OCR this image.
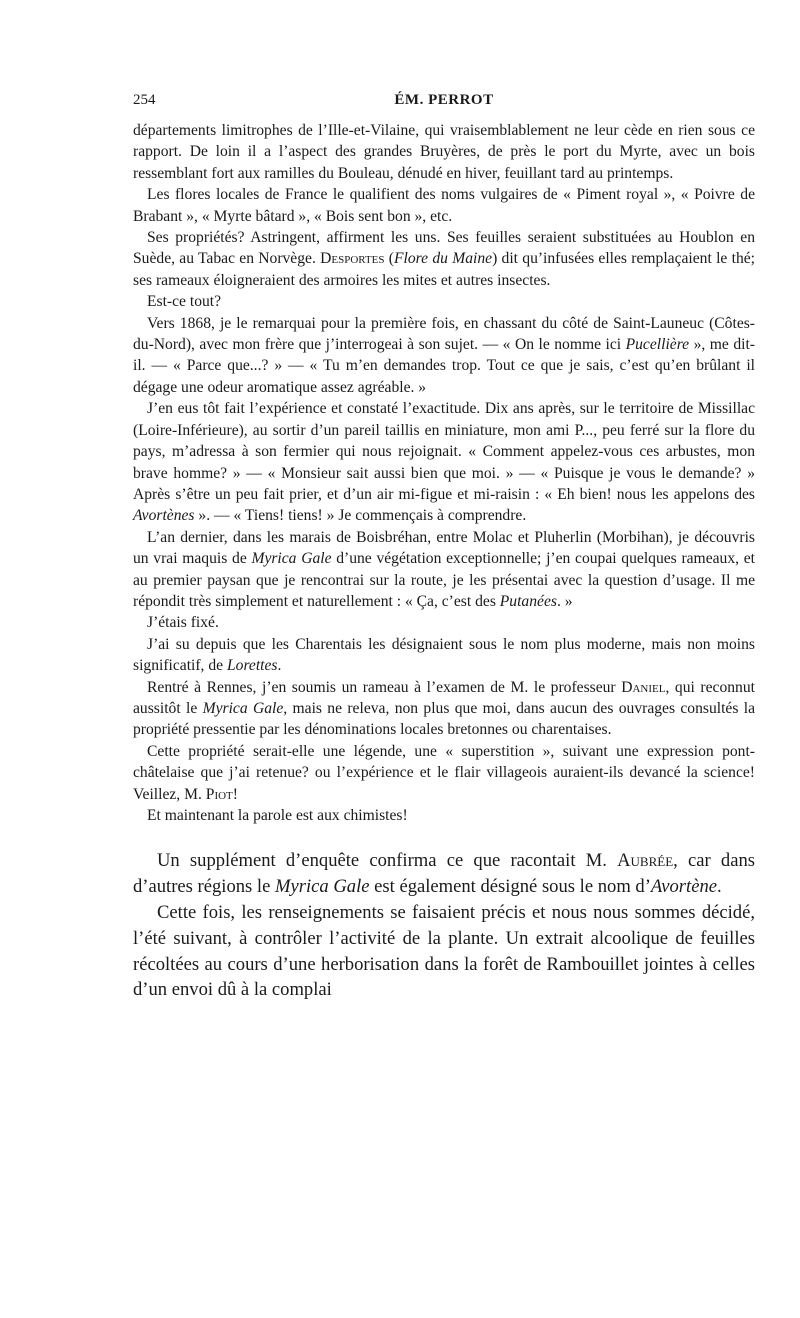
254	ÉM. PERROT

départements limitrophes de l’Ille-et-Vilaine, qui vraisemblablement ne leur cède en rien sous ce rapport. De loin il a l’aspect des grandes Bruyères, de près le port du Myrte, avec un bois ressemblant fort aux ramilles du Bouleau, dénudé en hiver, feuillant tard au printemps.

Les flores locales de France le qualifient des noms vulgaires de « Piment royal », « Poivre de Brabant », « Myrte bâtard », « Bois sent bon », etc.

Ses propriétés? Astringent, affirment les uns. Ses feuilles seraient substituées au Houblon en Suède, au Tabac en Norvège. Desportes (Flore du Maine) dit qu’infusées elles remplaçaient le thé; ses rameaux éloigneraient des armoires les mites et autres insectes.

Est-ce tout?

Vers 1868, je le remarquai pour la première fois, en chassant du côté de Saint-Launeuc (Côtes-du-Nord), avec mon frère que j’interrogeai à son sujet. — « On le nomme ici Pucellière », me dit-il. — « Parce que...? » — « Tu m’en demandes trop. Tout ce que je sais, c’est qu’en brûlant il dégage une odeur aromatique assez agréable. »

J’en eus tôt fait l’expérience et constaté l’exactitude. Dix ans après, sur le territoire de Missillac (Loire-Inférieure), au sortir d’un pareil taillis en miniature, mon ami P..., peu ferré sur la flore du pays, m’adressa à son fermier qui nous rejoignait. « Comment appelez-vous ces arbustes, mon brave homme? » — « Monsieur sait aussi bien que moi. » — « Puisque je vous le demande? » Après s’être un peu fait prier, et d’un air mi-figue et mi-raisin : « Eh bien! nous les appelons des Avortènes ». — « Tiens! tiens! » Je commençais à comprendre.

L’an dernier, dans les marais de Boisbréhan, entre Molac et Pluherlin (Morbihan), je découvris un vrai maquis de Myrica Gale d’une végétation exceptionnelle; j’en coupai quelques rameaux, et au premier paysan que je rencontrai sur la route, je les présentai avec la question d’usage. Il me répondit très simplement et naturellement : « Ça, c’est des Putanées. »

J’étais fixé.

J’ai su depuis que les Charentais les désignaient sous le nom plus moderne, mais non moins significatif, de Lorettes.

Rentré à Rennes, j’en soumis un rameau à l’examen de M. le professeur Daniel, qui reconnut aussitôt le Myrica Gale, mais ne releva, non plus que moi, dans aucun des ouvrages consultés la propriété pressentie par les dénominations locales bretonnes ou charentaises.

Cette propriété serait-elle une légende, une « superstition », suivant une expression pont-châtelaise que j’ai retenue? ou l’expérience et le flair villageois auraient-ils devancé la science! Veillez, M. Piot!

Et maintenant la parole est aux chimistes!

Un supplément d’enquête confirma ce que racontait M. Aubrée, car dans d’autres régions le Myrica Gale est également désigné sous le nom d’Avortène.

Cette fois, les renseignements se faisaient précis et nous nous sommes décidé, l’été suivant, à contrôler l’activité de la plante. Un extrait alcoolique de feuilles récoltées au cours d’une herborisation dans la forêt de Rambouillet jointes à celles d’un envoi dû à la complai
